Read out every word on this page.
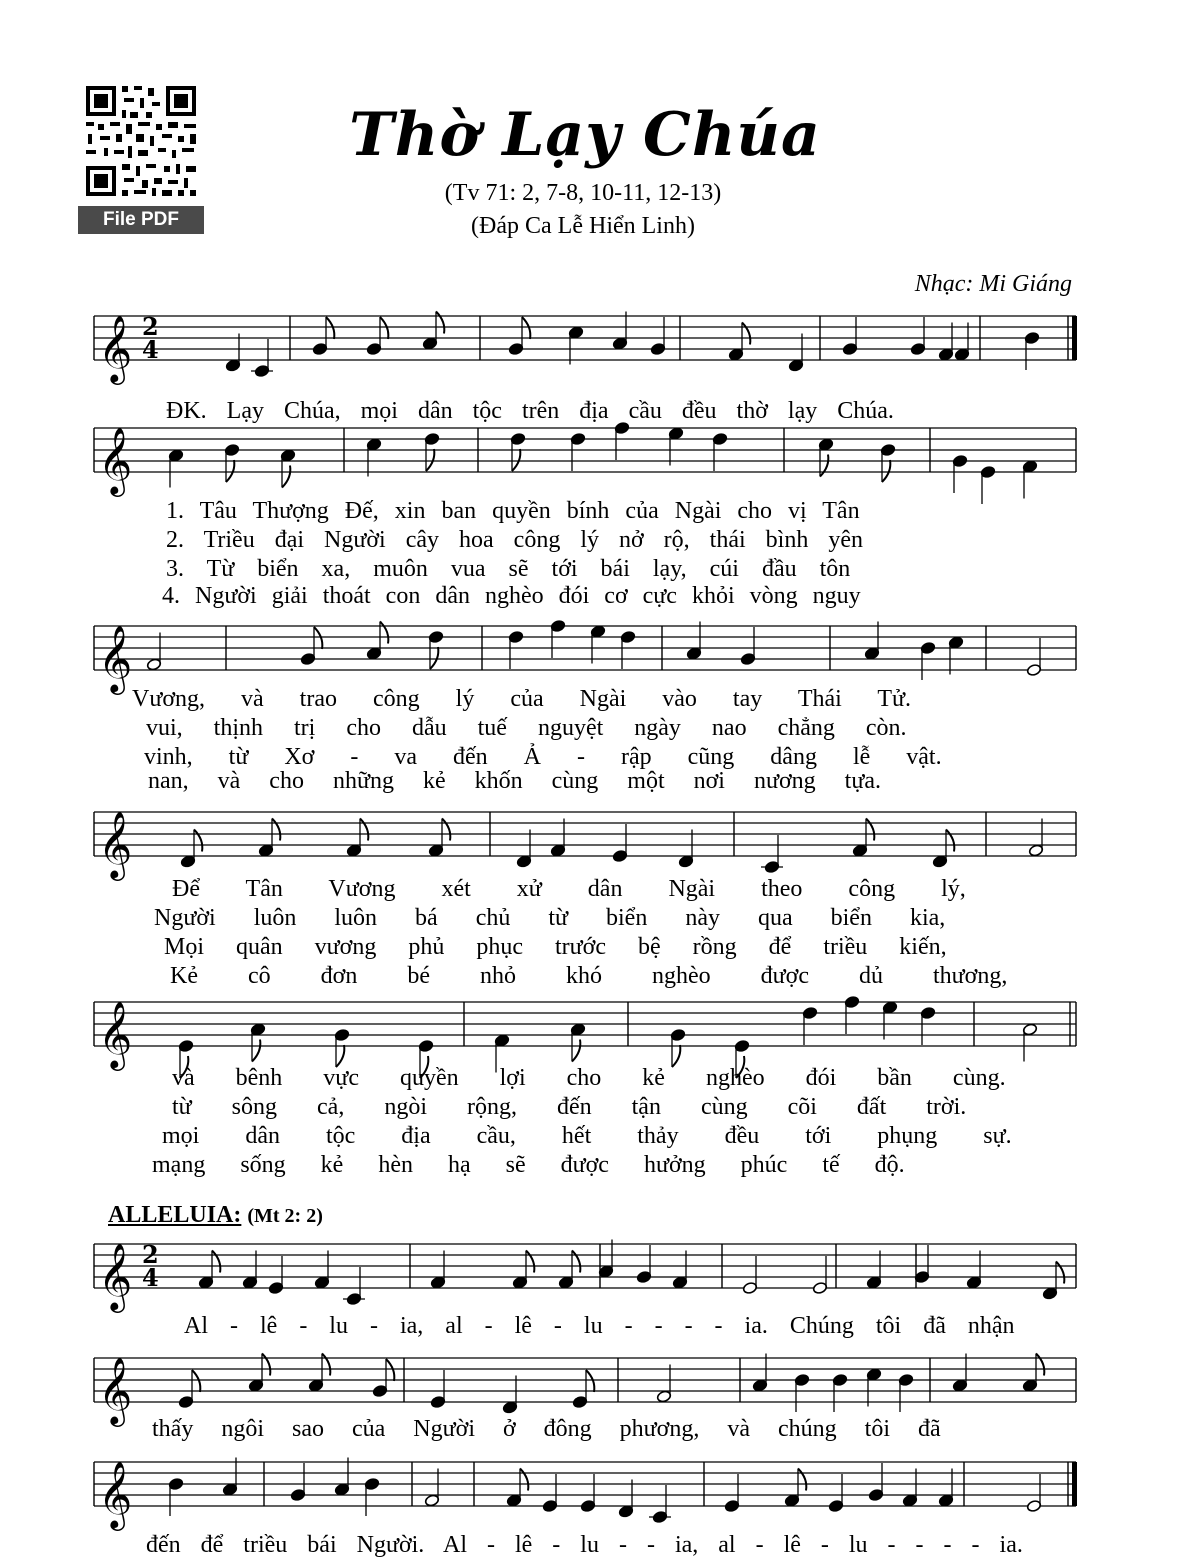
File PDF
Thờ Lạy Chúa
(Tv 71: 2, 7-8, 10-11, 12-13)
(Đáp Ca Lễ Hiển Linh)
Nhạc: Mi Giáng
𝄞
𝄞
𝄞
𝄞
𝄞
𝄞
𝄞
𝄞
2
4
2
4
ĐK. Lạy Chúa, mọi dân tộc trên địa cầu đều thờ lạy Chúa.
1. Tâu Thượng Đế, xin ban quyền bính của Ngài cho vị Tân
2. Triều đại Người cây hoa công lý nở rộ, thái bình yên
3. Từ biển xa, muôn vua sẽ tới bái lạy, cúi đầu tôn
4. Người giải thoát con dân nghèo đói cơ cực khỏi vòng nguy
Vương, và trao công lý của Ngài vào tay Thái Tử.
vui, thịnh trị cho dẫu tuế nguyệt ngày nao chẳng còn.
vinh, từ Xơ - va đến Ả - rập cũng dâng lễ vật.
nan, và cho những kẻ khốn cùng một nơi nương tựa.
Để Tân Vương xét xử dân Ngài theo công lý,
Người luôn luôn bá chủ từ biển này qua biển kia,
Mọi quân vương phủ phục trước bệ rồng để triều kiến,
Kẻ cô đơn bé nhỏ khó nghèo được dủ thương,
và bênh vực quyền lợi cho kẻ nghèo đói bần cùng.
từ sông cả, ngòi rộng, đến tận cùng cõi đất trời.
mọi dân tộc địa cầu, hết thảy đều tới phụng sự.
mạng sống kẻ hèn hạ sẽ được hưởng phúc tế độ.
ALLELUIA: (Mt 2: 2)
Al - lê - lu - ia, al - lê - lu - - - - ia. Chúng tôi đã nhận
thấy ngôi sao của Người ở đông phương, và chúng tôi đã
đến để triều bái Người. Al - lê - lu - - ia, al - lê - lu - - - - ia.
